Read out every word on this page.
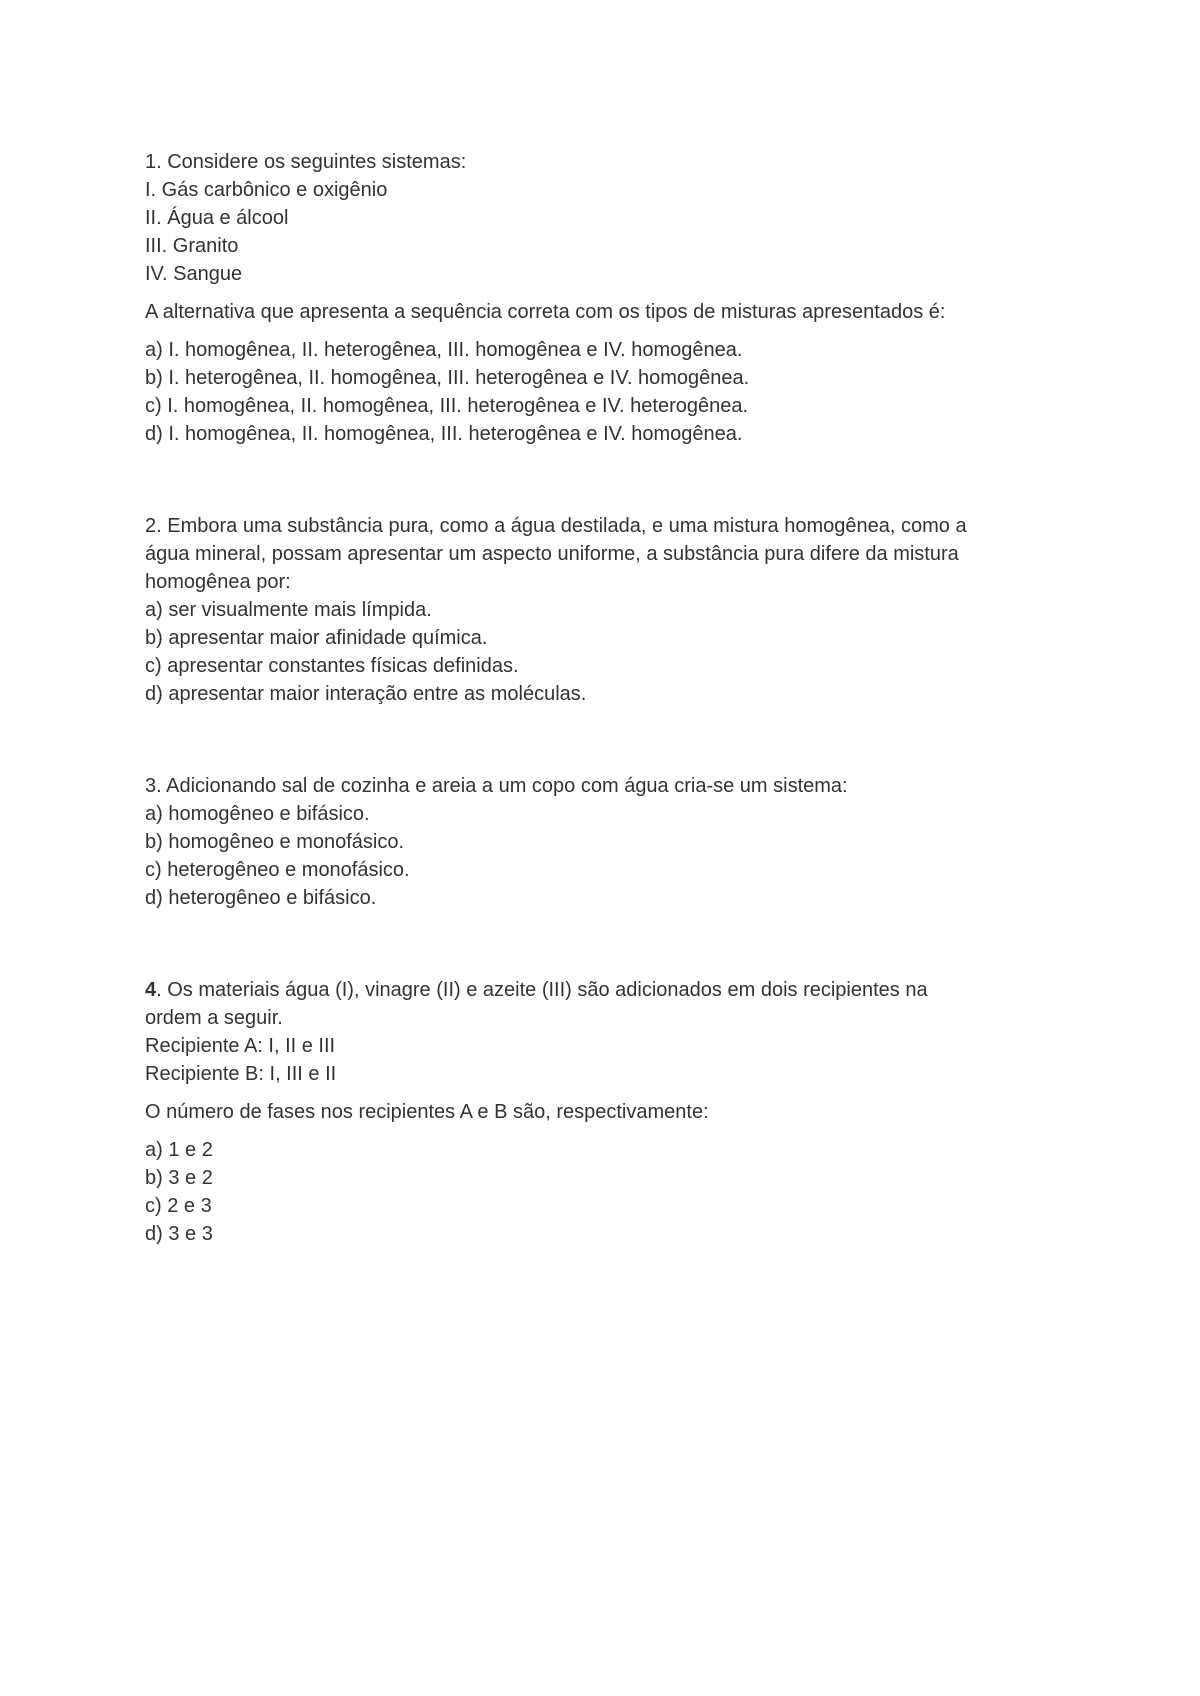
1. Considere os seguintes sistemas:
I. Gás carbônico e oxigênio
II. Água e álcool
III. Granito
IV. Sangue
A alternativa que apresenta a sequência correta com os tipos de misturas apresentados é:
a) I. homogênea, II. heterogênea, III. homogênea e IV. homogênea.
b) I. heterogênea, II. homogênea, III. heterogênea e IV. homogênea.
c) I. homogênea, II. homogênea, III. heterogênea e IV. heterogênea.
d) I. homogênea, II. homogênea, III. heterogênea e IV. homogênea.
2. Embora uma substância pura, como a água destilada, e uma mistura homogênea, como a
água mineral, possam apresentar um aspecto uniforme, a substância pura difere da mistura
homogênea por:
a) ser visualmente mais límpida.
b) apresentar maior afinidade química.
c) apresentar constantes físicas definidas.
d) apresentar maior interação entre as moléculas.
3. Adicionando sal de cozinha e areia a um copo com água cria-se um sistema:
a) homogêneo e bifásico.
b) homogêneo e monofásico.
c) heterogêneo e monofásico.
d) heterogêneo e bifásico.
4. Os materiais água (I), vinagre (II) e azeite (III) são adicionados em dois recipientes na
ordem a seguir.
Recipiente A: I, II e III
Recipiente B: I, III e II
O número de fases nos recipientes A e B são, respectivamente:
a) 1 e 2
b) 3 e 2
c) 2 e 3
d) 3 e 3
